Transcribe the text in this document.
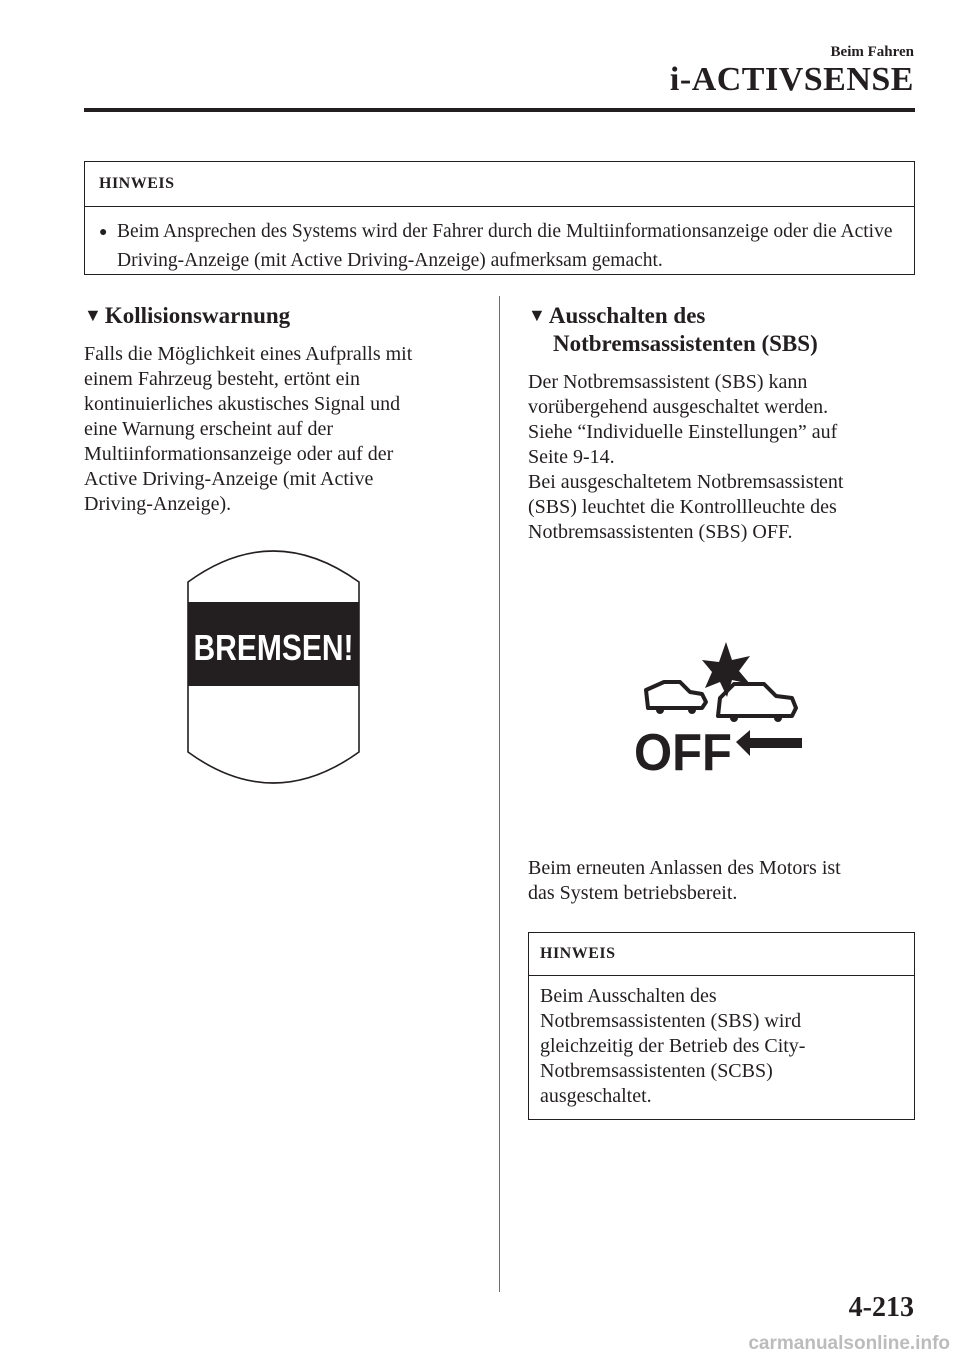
Beim Fahren
i-ACTIVSENSE
HINWEIS
● Beim Ansprechen des Systems wird der Fahrer durch die Multiinformationsanzeige oder die Active Driving-Anzeige (mit Active Driving-Anzeige) aufmerksam gemacht.
▼ Kollisionswarnung
Falls die Möglichkeit eines Aufpralls mit
einem Fahrzeug besteht, ertönt ein
kontinuierliches akustisches Signal und
eine Warnung erscheint auf der
Multiinformationsanzeige oder auf der
Active Driving-Anzeige (mit Active
Driving-Anzeige).
BREMSEN!
▼ Ausschalten des
Notbremsassistenten (SBS)
Der Notbremsassistent (SBS) kann
vorübergehend ausgeschaltet werden.
Siehe “Individuelle Einstellungen” auf
Seite 9-14.
Bei ausgeschaltetem Notbremsassistent
(SBS) leuchtet die Kontrollleuchte des
Notbremsassistenten (SBS) OFF.
OFF
Beim erneuten Anlassen des Motors ist
das System betriebsbereit.
HINWEIS
Beim Ausschalten des
Notbremsassistenten (SBS) wird
gleichzeitig der Betrieb des City-
Notbremsassistenten (SCBS)
ausgeschaltet.
4-213
carmanualsonline.info
